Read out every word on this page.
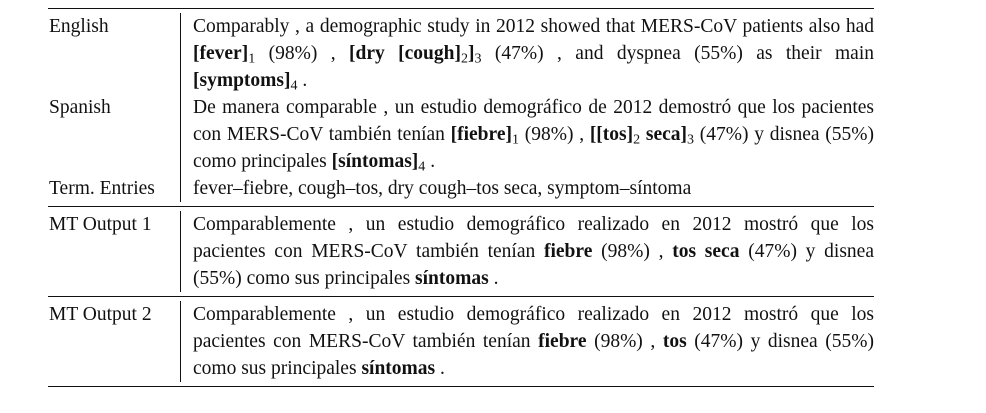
English	Comparably , a demographic study in 2012 showed that MERS-CoV patients also had $[fever]_1$ (98%) , [dry $[cough]_2]_3$ (47%) , and dyspnea (55%) as their main $[symptoms]_4$ .
Spanish	De manera comparable , un estudio demográfico de 2012 demostró que los pacientes con MERS-CoV también tenían $[fiebre]_1$ (98%) , [$[tos]_2$ $\sec a]_3$ (47%) y disnea (55%) como principales $[síntomas]_4$ .
Term. Entries	fever–fiebre, cough–tos, dry cough–tos seca, symptom–síntoma
MT Output 1	Comparablemente , un estudio demográfico realizado en 2012 mostró que los pacientes con MERS-CoV también tenían fiebre (98%) , tos seca (47%) y disnea (55%) como sus principales síntomas .
MT Output 2	Comparablemente , un estudio demográfico realizado en 2012 mostró que los pacientes con MERS-CoV también tenían fiebre (98%) , tos (47%) y disnea (55%) como sus principales síntomas .
